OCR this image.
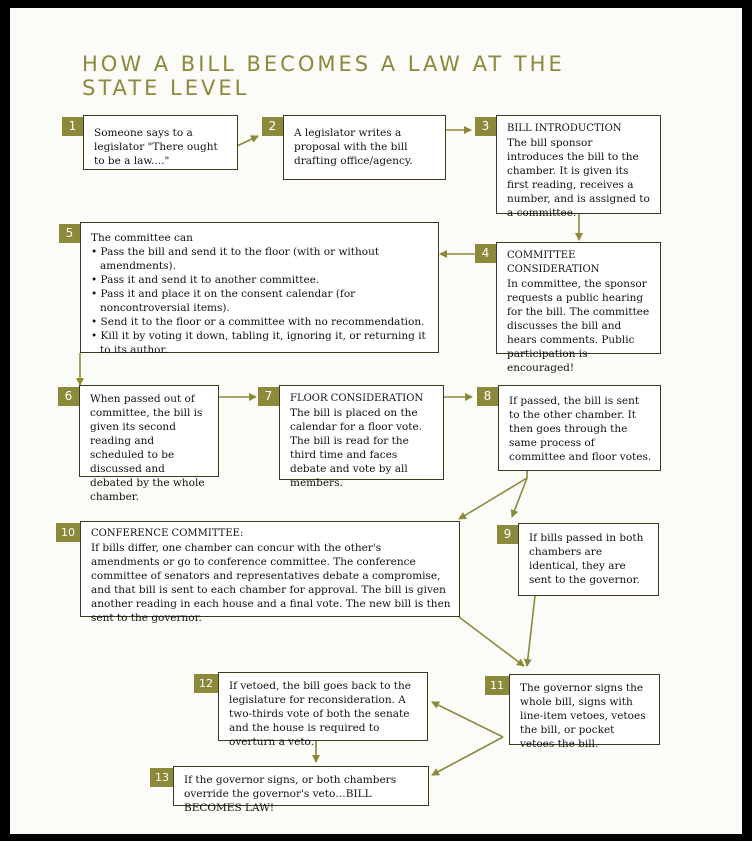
HOW A BILL BECOMES A LAW AT THE
STATE LEVEL
1	Someone says to a legislator "There ought to be a law...."
2	A legislator writes a proposal with the bill drafting office/agency.
3	BILL INTRODUCTION
The bill sponsor introduces the bill to the chamber. It is given its first reading, receives a number, and is assigned to a committee.
4	COMMITTEE CONSIDERATION
In committee, the sponsor requests a public hearing for the bill. The committee discusses the bill and hears comments. Public participation is encouraged!
5	The committee can
• Pass the bill and send it to the floor (with or without amendments).
• Pass it and send it to another committee.
• Pass it and place it on the consent calendar (for noncontroversial items).
• Send it to the floor or a committee with no recommendation.
• Kill it by voting it down, tabling it, ignoring it, or returning it to its author.
6	When passed out of committee, the bill is given its second reading and scheduled to be discussed and debated by the whole chamber.
7	FLOOR CONSIDERATION
The bill is placed on the calendar for a floor vote. The bill is read for the third time and faces debate and vote by all members.
8	If passed, the bill is sent to the other chamber. It then goes through the same process of committee and floor votes.
10	CONFERENCE COMMITTEE:
If bills differ, one chamber can concur with the other's amendments or go to conference committee. The conference committee of senators and representatives debate a compromise, and that bill is sent to each chamber for approval. The bill is given another reading in each house and a final vote. The new bill is then sent to the governor.
9	If bills passed in both chambers are identical, they are sent to the governor.
11	The governor signs the whole bill, signs with line-item vetoes, vetoes the bill, or pocket vetoes the bill.
12	If vetoed, the bill goes back to the legislature for reconsideration. A two-thirds vote of both the senate and the house is required to overturn a veto.
13	If the governor signs, or both chambers override the governor's veto…BILL BECOMES LAW!
